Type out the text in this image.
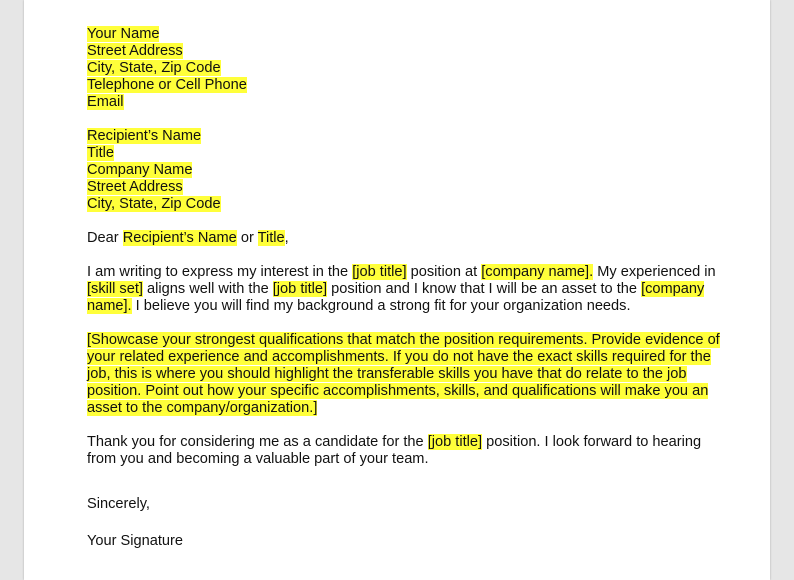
Your Name
Street Address
City, State, Zip Code
Telephone or Cell Phone
Email
Recipient’s Name
Title
Company Name
Street Address
City, State, Zip Code

Dear Recipient’s Name or Title,

I am writing to express my interest in the [job title] position at [company name]. My experienced in [skill set] aligns well with the [job title] position and I know that I will be an asset to the [company name]. I believe you will find my background a strong fit for your organization needs.

[Showcase your strongest qualifications that match the position requirements. Provide evidence of your related experience and accomplishments. If you do not have the exact skills required for the job, this is where you should highlight the transferable skills you have that do relate to the job position. Point out how your specific accomplishments, skills, and qualifications will make you an asset to the company/organization.]

Thank you for considering me as a candidate for the [job title] position. I look forward to hearing from you and becoming a valuable part of your team.

Sincerely,

Your Signature
